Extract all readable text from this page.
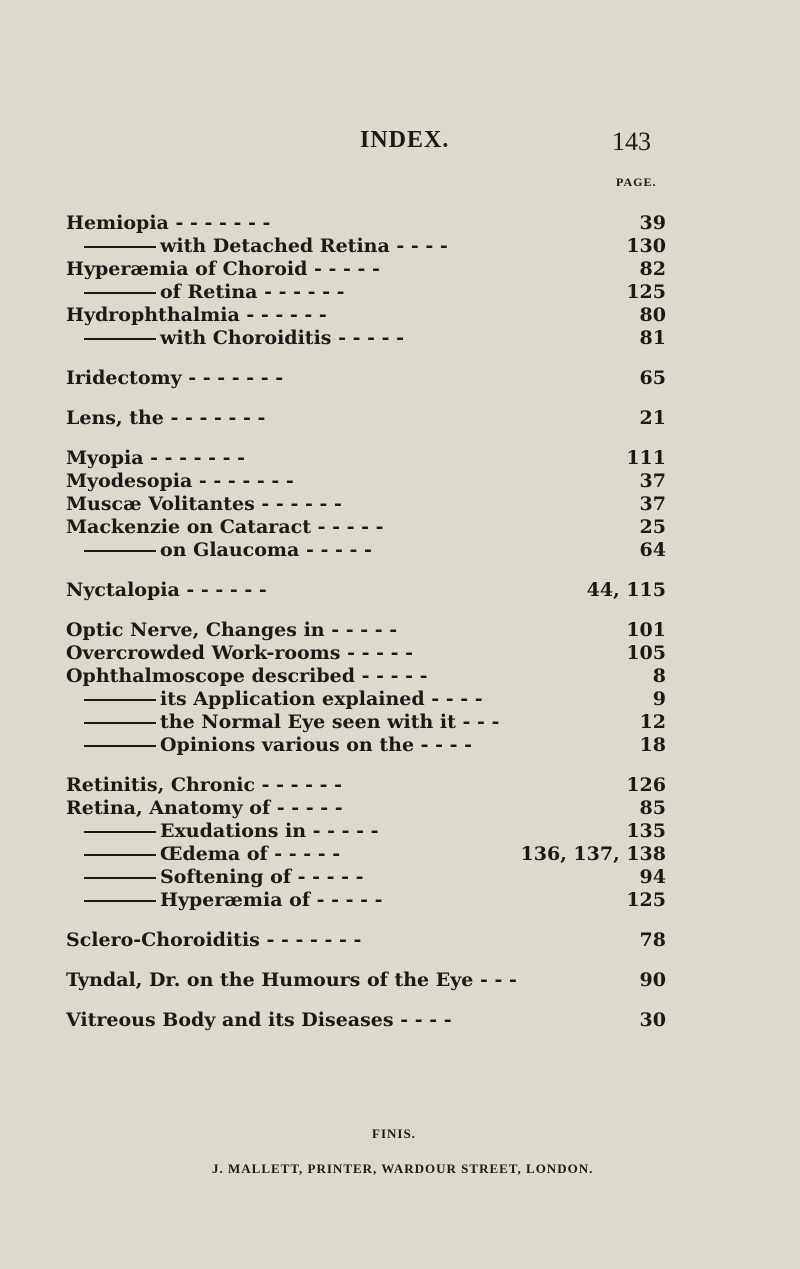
INDEX.	143
PAGE.
Hemiopia - - - - - - -	39
with Detached Retina - - - -	130
Hyperæmia of Choroid - - - - -	82
of Retina - - - - - -	125
Hydrophthalmia - - - - - -	80
with Choroiditis - - - - -	81
Iridectomy - - - - - - -	65
Lens, the - - - - - - -	21
Myopia - - - - - - -	111
Myodesopia - - - - - - -	37
Muscæ Volitantes - - - - - -	37
Mackenzie on Cataract - - - - -	25
on Glaucoma - - - - -	64
Nyctalopia - - - - - -	44, 115
Optic Nerve, Changes in - - - - -	101
Overcrowded Work-rooms - - - - -	105
Ophthalmoscope described - - - - -	8
its Application explained - - - -	9
the Normal Eye seen with it - - -	12
Opinions various on the - - - -	18
Retinitis, Chronic - - - - - -	126
Retina, Anatomy of - - - - -	85
Exudations in - - - - -	135
Œdema of - - - - -	136, 137, 138
Softening of - - - - -	94
Hyperæmia of - - - - -	125
Sclero-Choroiditis - - - - - - -	78
Tyndal, Dr. on the Humours of the Eye - - -	90
Vitreous Body and its Diseases - - - -	30
FINIS.
J. MALLETT, PRINTER, WARDOUR STREET, LONDON.
